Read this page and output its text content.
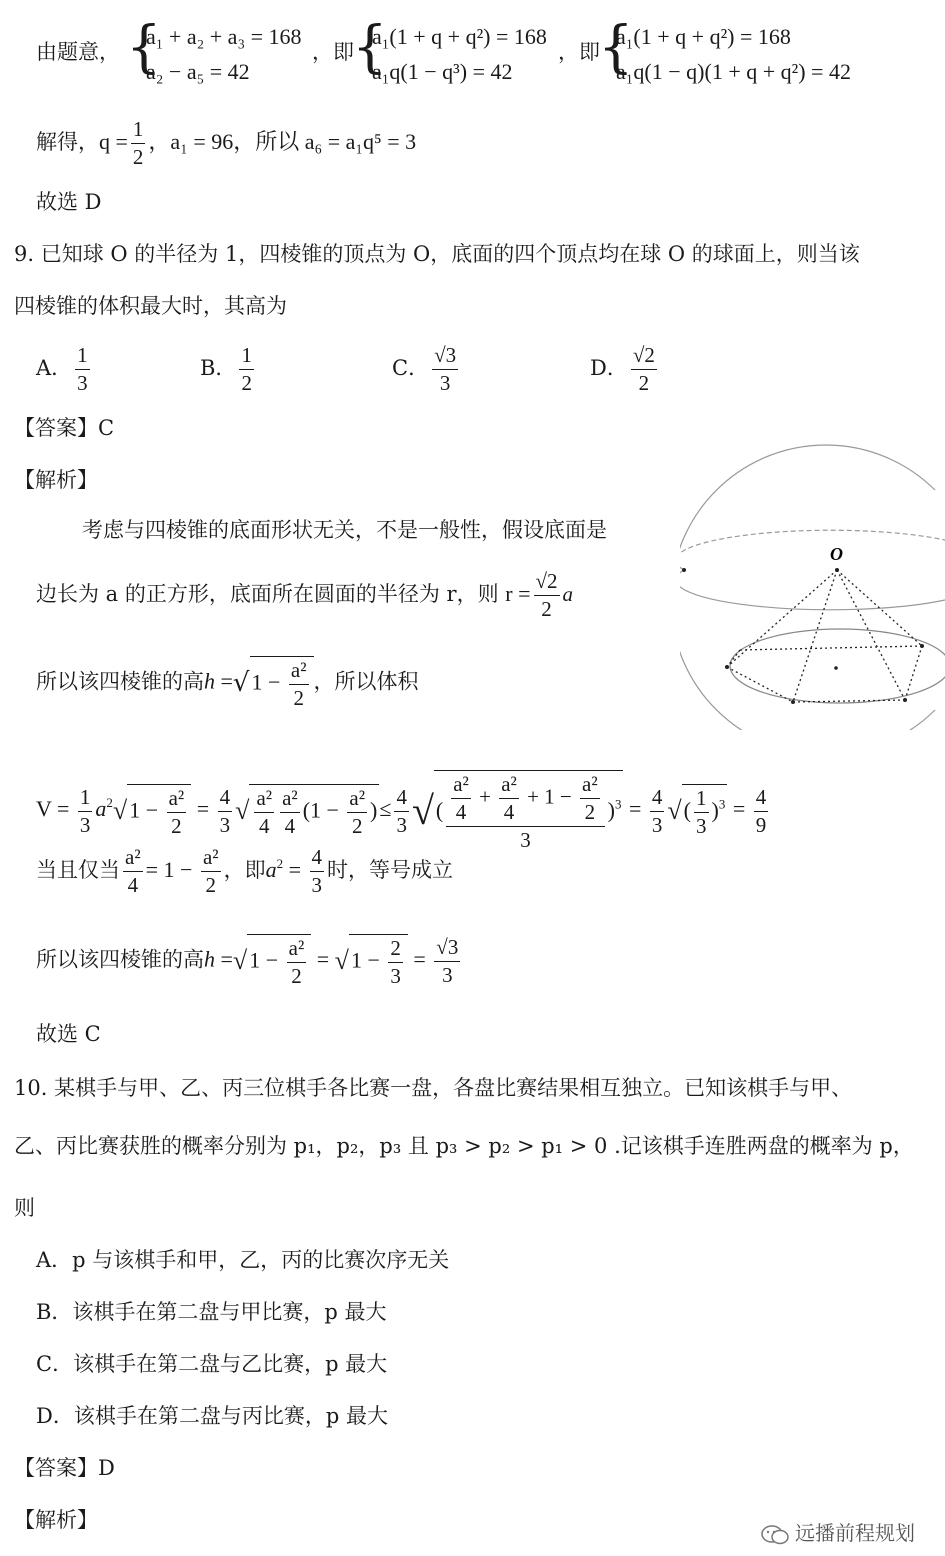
由题意， {
a₁ + a₂ + a₃ = 168
a₂ − a₅ = 42
，即
{
a₁(1 + q + q²) = 168
a₁q(1 − q³) = 42
，即
{
a₁(1 + q + q²) = 168
a₁q(1 − q)(1 + q + q²) = 42
解得，$q = \frac{1}{2}$ ，a₁ = 96，所以 a₆ = a₁q⁵ = 3
故选 D
9. 已知球 O 的半径为 1，四棱锥的顶点为 O，底面的四个顶点均在球 O 的球面上，则当该
四棱锥的体积最大时，其高为
A． $\frac{1}{3}$	B． $\frac{1}{2}$	C． $\frac{√3}{3}$	D． $\frac{√2}{2}$
【答案】C
【解析】
考虑与四棱锥的底面形状无关，不是一般性，假设底面是
边长为 a 的正方形，底面所在圆面的半径为 r，则 $r = \frac{√2}{2}$ a
所以该四棱锥的高$h =√1 - \frac{\text{a²}}{2}$ ，所以体积
$V = \frac{1}{3} a^2√1 - \frac{\text{a²}}{2} = \frac{4}{3}$ √ $\frac{\text{a²}}{4} \frac{\text{a²}}{4} (1 - \frac{\text{a²}}{2}$ )≤ $\frac{4}{3}$ √( $\frac{\frac{\text{a²}}{4} + \frac{\text{a²}}{4} + 1 - \frac{\text{a²}}{2}}{3} )^3 = \frac{4}{3}$ √( $\frac{1}{3} )^3 = \frac{4}{9}$
当且仅当 $\frac{\text{a²}}{4} = 1 - \frac{\text{a²}}{2}$ ，即$a^2 = \frac{4}{3}$ 时，等号成立
所以该四棱锥的高$h =√1 - \frac{\text{a²}}{2} = √1 - \frac{2}{3} = \frac{√3}{3}$
故选 C
O
10. 某棋手与甲、乙、丙三位棋手各比赛一盘，各盘比赛结果相互独立。已知该棋手与甲、
乙、丙比赛获胜的概率分别为 p₁，p₂，p₃ 且 p₃ > p₂ > p₁ > 0 .记该棋手连胜两盘的概率为 p，
则
A．p 与该棋手和甲，乙，丙的比赛次序无关
B．该棋手在第二盘与甲比赛，p 最大
C．该棋手在第二盘与乙比赛，p 最大
D．该棋手在第二盘与丙比赛，p 最大
【答案】D
【解析】
远播前程规划
